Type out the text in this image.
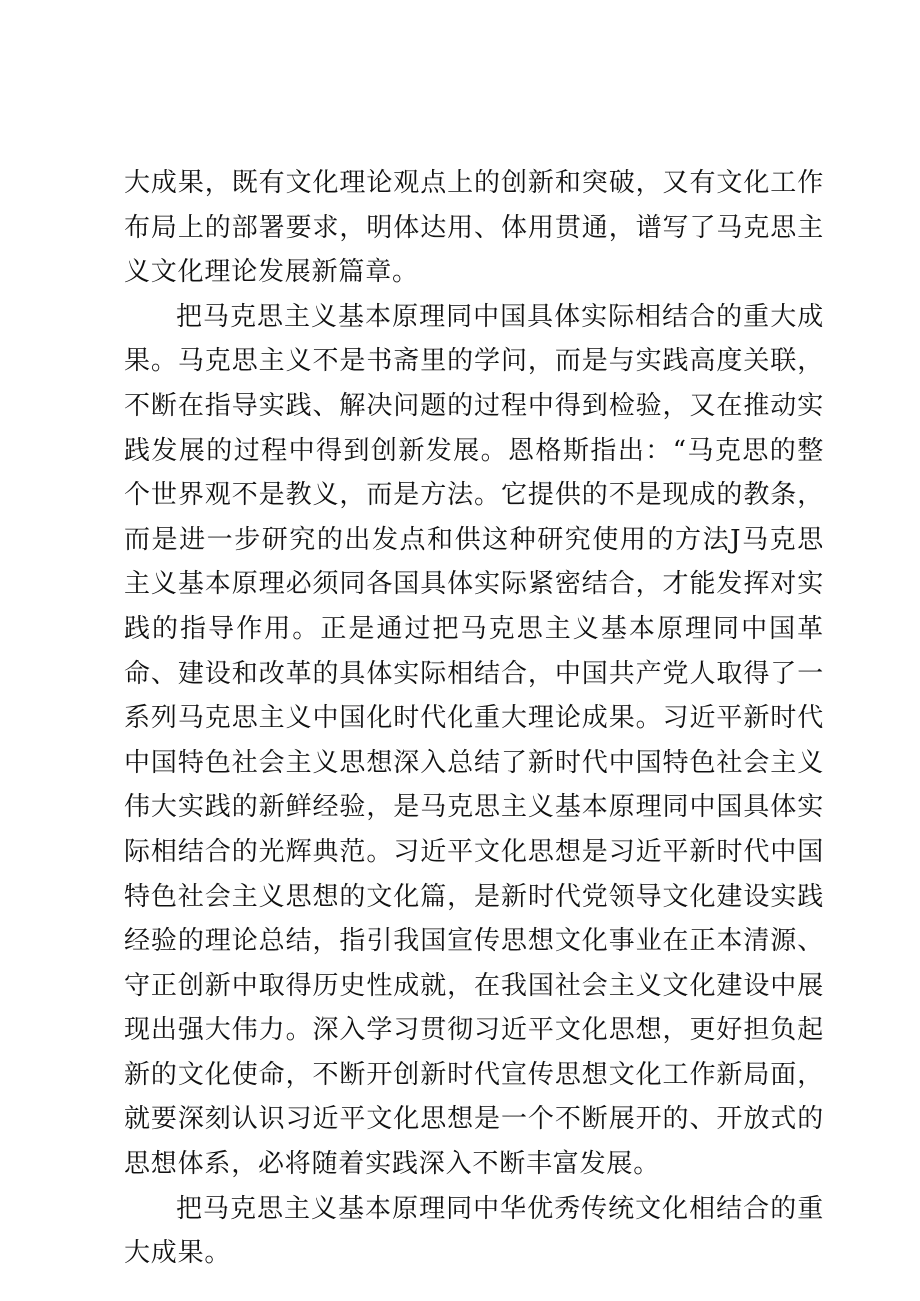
大成果，既有文化理论观点上的创新和突破，又有文化工作布局上的部署要求，明体达用、体用贯通，谱写了马克思主义文化理论发展新篇章。

把马克思主义基本原理同中国具体实际相结合的重大成果。马克思主义不是书斋里的学问，而是与实践高度关联，不断在指导实践、解决问题的过程中得到检验，又在推动实践发展的过程中得到创新发展。恩格斯指出：“马克思的整个世界观不是教义，而是方法。它提供的不是现成的教条，而是进一步研究的出发点和供这种研究使用的方法J马克思主义基本原理必须同各国具体实际紧密结合，才能发挥对实践的指导作用。正是通过把马克思主义基本原理同中国革命、建设和改革的具体实际相结合，中国共产党人取得了一系列马克思主义中国化时代化重大理论成果。习近平新时代中国特色社会主义思想深入总结了新时代中国特色社会主义伟大实践的新鲜经验，是马克思主义基本原理同中国具体实际相结合的光辉典范。习近平文化思想是习近平新时代中国特色社会主义思想的文化篇，是新时代党领导文化建设实践经验的理论总结，指引我国宣传思想文化事业在正本清源、守正创新中取得历史性成就，在我国社会主义文化建设中展现出强大伟力。深入学习贯彻习近平文化思想，更好担负起新的文化使命，不断开创新时代宣传思想文化工作新局面，就要深刻认识习近平文化思想是一个不断展开的、开放式的思想体系，必将随着实践深入不断丰富发展。

把马克思主义基本原理同中华优秀传统文化相结合的重大成果。
